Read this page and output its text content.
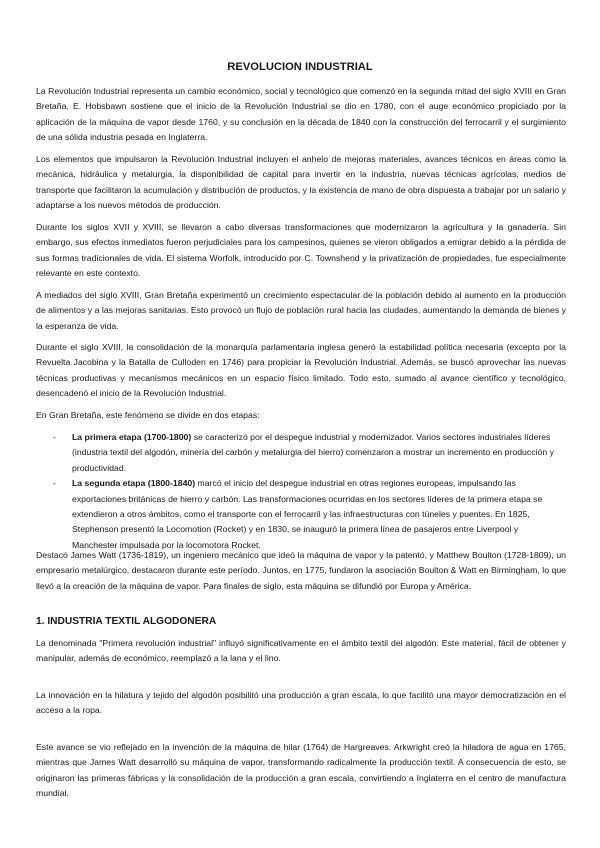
REVOLUCION INDUSTRIAL

La Revolución Industrial representa un cambio económico, social y tecnológico que comenzó en la segunda mitad del siglo XVIII en Gran Bretaña. E. Hobsbawn sostiene que el inicio de la Revolución Industrial se dio en 1780, con el auge económico propiciado por la aplicación de la máquina de vapor desde 1760, y su conclusión en la década de 1840 con la construcción del ferrocarril y el surgimiento de una sólida industria pesada en Inglaterra.

Los elementos que impulsaron la Revolución Industrial incluyen el anhelo de mejoras materiales, avances técnicos en áreas como la mecánica, hidráulica y metalurgia, la disponibilidad de capital para invertir en la industria, nuevas técnicas agrícolas, medios de transporte que facilitaron la acumulación y distribución de productos, y la existencia de mano de obra dispuesta a trabajar por un salario y adaptarse a los nuevos métodos de producción.

Durante los siglos XVII y XVIII, se llevaron a cabo diversas transformaciones que modernizaron la agricultura y la ganadería. Sin embargo, sus efectos inmediatos fueron perjudiciales para los campesinos, quienes se vieron obligados a emigrar debido a la pérdida de sus formas tradicionales de vida. El sistema Worfolk, introducido por C. Townshend y la privatización de propiedades, fue especialmente relevante en este contexto.

A mediados del siglo XVIII, Gran Bretaña experimentó un crecimiento espectacular de la población debido al aumento en la producción de alimentos y a las mejoras sanitarias. Esto provocó un flujo de población rural hacia las ciudades, aumentando la demanda de bienes y la esperanza de vida.

Durante el siglo XVIII, la consolidación de la monarquía parlamentaria inglesa generó la estabilidad política necesaria (excepto por la Revuelta Jacobina y la Batalla de Culloden en 1746) para propiciar la Revolución Industrial. Además, se buscó aprovechar las nuevas técnicas productivas y mecanismos mecánicos en un espacio físico limitado. Todo esto, sumado al avance científico y tecnológico, desencadenó el inicio de la Revolución Industrial.

En Gran Bretaña, este fenómeno se divide en dos etapas:

- La primera etapa (1700-1800) se caracterizó por el despegue industrial y modernizador. Varios sectores industriales líderes (industria textil del algodón, minería del carbón y metalurgia del hierro) comenzaron a mostrar un incremento en producción y productividad.
- La segunda etapa (1800-1840) marcó el inicio del despegue industrial en otras regiones europeas, impulsando las exportaciones británicas de hierro y carbón. Las transformaciones ocurridas en los sectores líderes de la primera etapa se extendieron a otros ámbitos, como el transporte con el ferrocarril y las infraestructuras con túneles y puentes. En 1825, Stephenson presentó la Locomotion (Rocket) y en 1830, se inauguró la primera línea de pasajeros entre Liverpool y Manchester impulsada por la locomotora Rocket.

Destacó James Watt (1736-1819), un ingeniero mecánico que ideó la máquina de vapor y la patentó, y Matthew Boulton (1728-1809), un empresario metalúrgico, destacaron durante este período. Juntos, en 1775, fundaron la asociación Boulton & Watt en Birmingham, lo que llevó a la creación de la máquina de vapor. Para finales de siglo, esta máquina se difundió por Europa y América.

1. INDUSTRIA TEXTIL ALGODONERA

La denominada "Primera revolución industrial" influyó significativamente en el ámbito textil del algodón. Este material, fácil de obtener y manipular, además de económico, reemplazó a la lana y el lino.

La innovación en la hilatura y tejido del algodón posibilitó una producción a gran escala, lo que facilitó una mayor democratización en el acceso a la ropa.

Este avance se vio reflejado en la invención de la máquina de hilar (1764) de Hargreaves. Arkwright creó la hiladora de agua en 1765, mientras que James Watt desarrolló su máquina de vapor, transformando radicalmente la producción textil. A consecuencia de esto, se originaron las primeras fábricas y la consolidación de la producción a gran escala, convirtiendo a Inglaterra en el centro de manufactura mundial.
